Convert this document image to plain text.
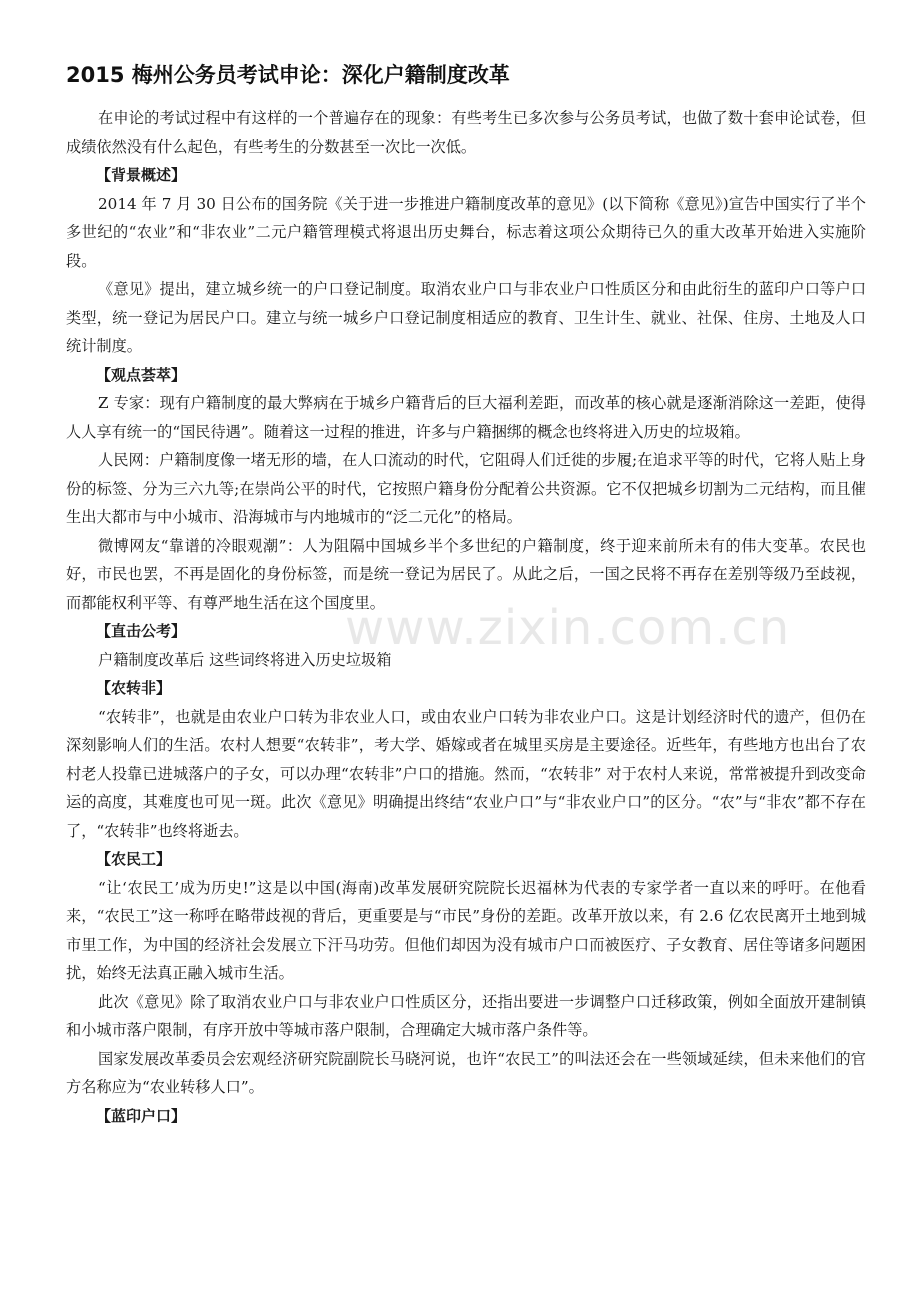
www.zixin.com.cn
2015 梅州公务员考试申论：深化户籍制度改革

在申论的考试过程中有这样的一个普遍存在的现象：有些考生已多次参与公务员考试，也做了数十套申论试卷，但成绩依然没有什么起色，有些考生的分数甚至一次比一次低。

【背景概述】

2014 年 7 月 30 日公布的国务院《关于进一步推进户籍制度改革的意见》(以下简称《意见》)宣告中国实行了半个多世纪的“农业”和“非农业”二元户籍管理模式将退出历史舞台，标志着这项公众期待已久的重大改革开始进入实施阶段。

《意见》提出，建立城乡统一的户口登记制度。取消农业户口与非农业户口性质区分和由此衍生的蓝印户口等户口类型，统一登记为居民户口。建立与统一城乡户口登记制度相适应的教育、卫生计生、就业、社保、住房、土地及人口统计制度。

【观点荟萃】

Z 专家：现有户籍制度的最大弊病在于城乡户籍背后的巨大福利差距，而改革的核心就是逐渐消除这一差距，使得人人享有统一的“国民待遇”。随着这一过程的推进，许多与户籍捆绑的概念也终将进入历史的垃圾箱。

人民网：户籍制度像一堵无形的墙，在人口流动的时代，它阻碍人们迁徙的步履;在追求平等的时代，它将人贴上身份的标签、分为三六九等;在崇尚公平的时代，它按照户籍身份分配着公共资源。它不仅把城乡切割为二元结构，而且催生出大都市与中小城市、沿海城市与内地城市的“泛二元化”的格局。

微博网友“靠谱的冷眼观潮”：人为阻隔中国城乡半个多世纪的户籍制度，终于迎来前所未有的伟大变革。农民也好，市民也罢，不再是固化的身份标签，而是统一登记为居民了。从此之后，一国之民将不再存在差别等级乃至歧视，而都能权利平等、有尊严地生活在这个国度里。

【直击公考】

户籍制度改革后 这些词终将进入历史垃圾箱

【农转非】

“农转非”，也就是由农业户口转为非农业人口，或由农业户口转为非农业户口。这是计划经济时代的遗产，但仍在深刻影响人们的生活。农村人想要“农转非”，考大学、婚嫁或者在城里买房是主要途径。近些年，有些地方也出台了农村老人投靠已进城落户的子女，可以办理“农转非”户口的措施。然而，“农转非” 对于农村人来说，常常被提升到改变命运的高度，其难度也可见一斑。此次《意见》明确提出终结“农业户口”与“非农业户口”的区分。“农”与“非农”都不存在了，“农转非”也终将逝去。

【农民工】

“让‘农民工’成为历史!”这是以中国(海南)改革发展研究院院长迟福林为代表的专家学者一直以来的呼吁。在他看来，“农民工”这一称呼在略带歧视的背后，更重要是与“市民”身份的差距。改革开放以来，有 2.6 亿农民离开土地到城市里工作，为中国的经济社会发展立下汗马功劳。但他们却因为没有城市户口而被医疗、子女教育、居住等诸多问题困扰，始终无法真正融入城市生活。

此次《意见》除了取消农业户口与非农业户口性质区分，还指出要进一步调整户口迁移政策，例如全面放开建制镇和小城市落户限制，有序开放中等城市落户限制，合理确定大城市落户条件等。

国家发展改革委员会宏观经济研究院副院长马晓河说，也许“农民工”的叫法还会在一些领域延续，但未来他们的官方名称应为“农业转移人口”。

【蓝印户口】
